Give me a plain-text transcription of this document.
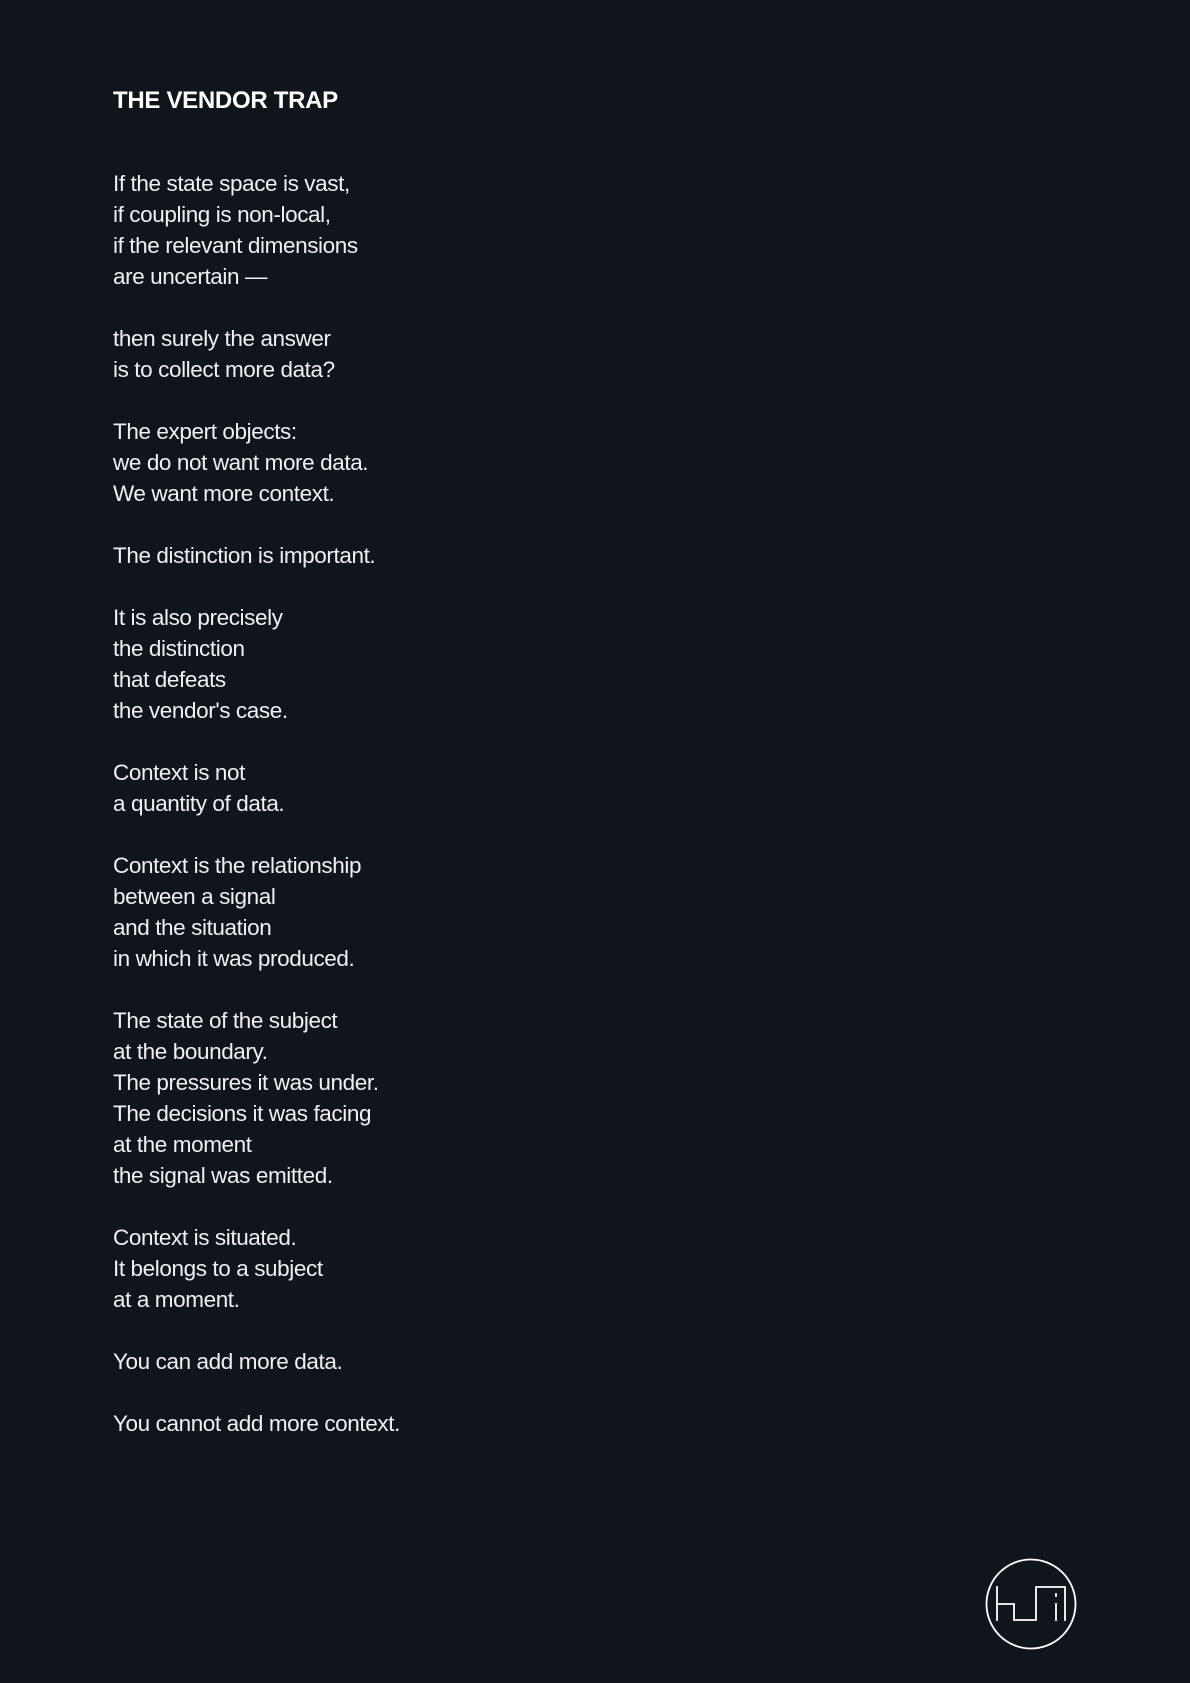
THE VENDOR TRAP
If the state space is vast,
if coupling is non-local,
if the relevant dimensions
are uncertain —
then surely the answer
is to collect more data?
The expert objects:
we do not want more data.
We want more context.
The distinction is important.
It is also precisely
the distinction
that defeats
the vendor's case.
Context is not
a quantity of data.
Context is the relationship
between a signal
and the situation
in which it was produced.
The state of the subject
at the boundary.
The pressures it was under.
The decisions it was facing
at the moment
the signal was emitted.
Context is situated.
It belongs to a subject
at a moment.
You can add more data.
You cannot add more context.
